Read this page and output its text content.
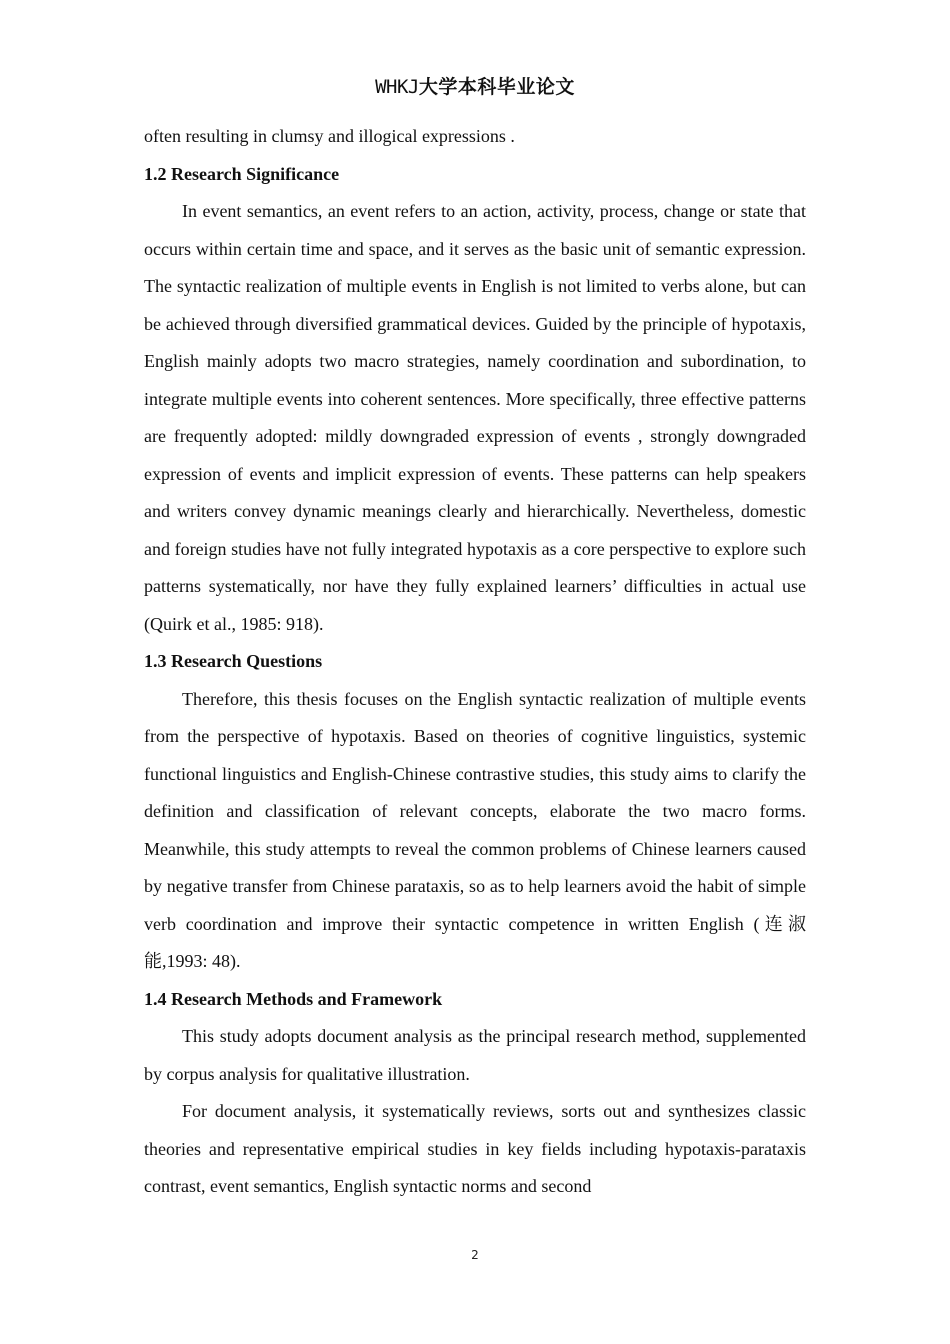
WHKJ大学本科毕业论文

often resulting in clumsy and illogical expressions .

1.2 Research Significance

In event semantics, an event refers to an action, activity, process, change or state that occurs within certain time and space, and it serves as the basic unit of semantic expression. The syntactic realization of multiple events in English is not limited to verbs alone, but can be achieved through diversified grammatical devices. Guided by the principle of hypotaxis, English mainly adopts two macro strategies, namely coordination and subordination, to integrate multiple events into coherent sentences. More specifically, three effective patterns are frequently adopted: mildly downgraded expression of events , strongly downgraded expression of events and implicit expression of events. These patterns can help speakers and writers convey dynamic meanings clearly and hierarchically. Nevertheless, domestic and foreign studies have not fully integrated hypotaxis as a core perspective to explore such patterns systematically, nor have they fully explained learners’ difficulties in actual use (Quirk et al., 1985: 918).

1.3 Research Questions

Therefore, this thesis focuses on the English syntactic realization of multiple events from the perspective of hypotaxis. Based on theories of cognitive linguistics, systemic functional linguistics and English-Chinese contrastive studies, this study aims to clarify the definition and classification of relevant concepts, elaborate the two macro forms. Meanwhile, this study attempts to reveal the common problems of Chinese learners caused by negative transfer from Chinese parataxis, so as to help learners avoid the habit of simple verb coordination and improve their syntactic competence in written English (连淑能,1993: 48).

1.4 Research Methods and Framework

This study adopts document analysis as the principal research method, supplemented by corpus analysis for qualitative illustration.

For document analysis, it systematically reviews, sorts out and synthesizes classic theories and representative empirical studies in key fields including hypotaxis-parataxis contrast, event semantics, English syntactic norms and second

2
